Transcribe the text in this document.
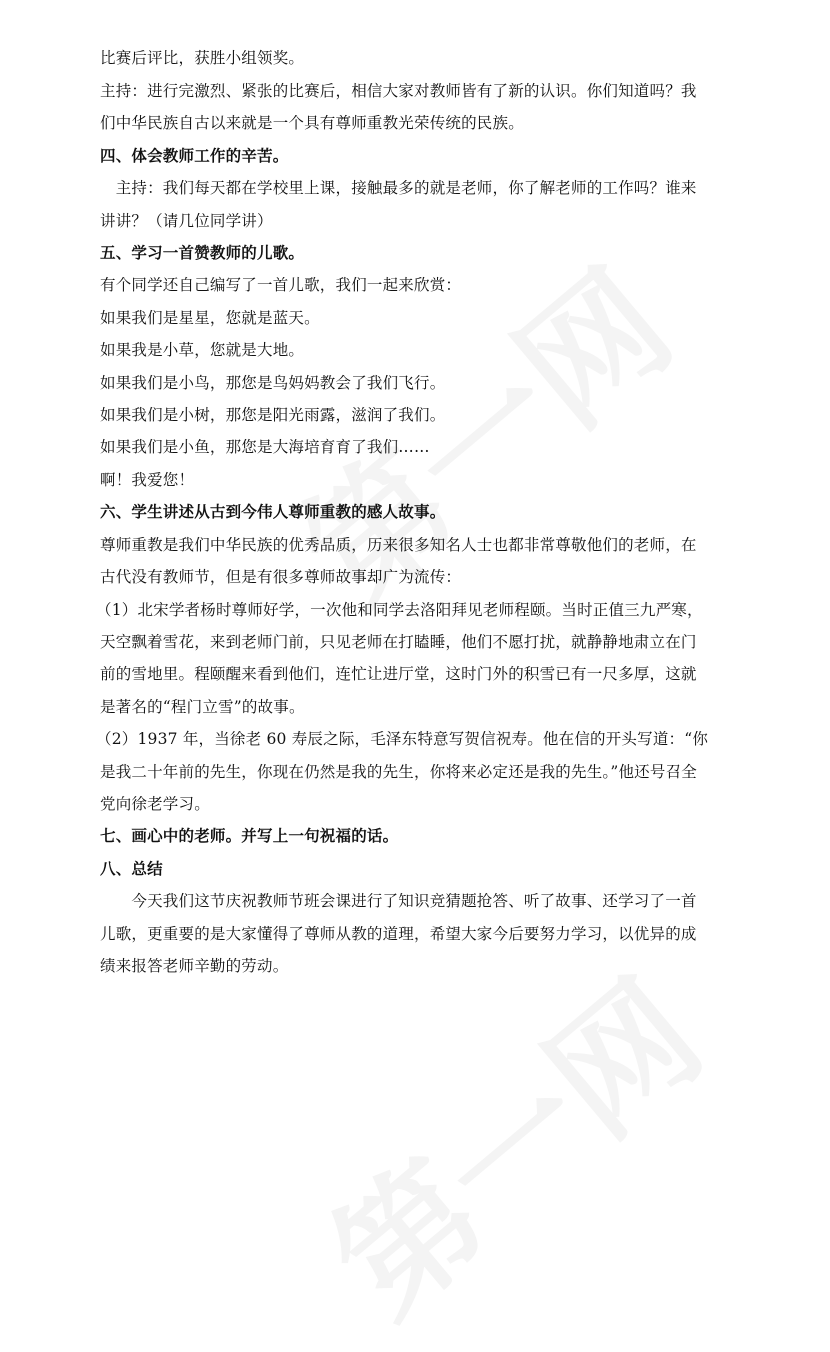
比赛后评比，获胜小组领奖。
主持：进行完激烈、紧张的比赛后，相信大家对教师皆有了新的认识。你们知道吗？我
们中华民族自古以来就是一个具有尊师重教光荣传统的民族。
四、体会教师工作的辛苦。
　主持：我们每天都在学校里上课，接触最多的就是老师，你了解老师的工作吗？谁来
讲讲？（请几位同学讲）
五、学习一首赞教师的儿歌。
有个同学还自己编写了一首儿歌，我们一起来欣赏：
如果我们是星星，您就是蓝天。
如果我是小草，您就是大地。
如果我们是小鸟，那您是鸟妈妈教会了我们飞行。
如果我们是小树，那您是阳光雨露，滋润了我们。
如果我们是小鱼，那您是大海培育育了我们……
啊！我爱您！
六、学生讲述从古到今伟人尊师重教的感人故事。
尊师重教是我们中华民族的优秀品质，历来很多知名人士也都非常尊敬他们的老师，在
古代没有教师节，但是有很多尊师故事却广为流传：
（1）北宋学者杨时尊师好学，一次他和同学去洛阳拜见老师程颐。当时正值三九严寒，
天空飘着雪花，来到老师门前，只见老师在打瞌睡，他们不愿打扰，就静静地肃立在门
前的雪地里。程颐醒来看到他们，连忙让进厅堂，这时门外的积雪已有一尺多厚，这就
是著名的“程门立雪”的故事。
（2）1937 年，当徐老 60 寿辰之际，毛泽东特意写贺信祝寿。他在信的开头写道：“你
是我二十年前的先生，你现在仍然是我的先生，你将来必定还是我的先生。”他还号召全
党向徐老学习。
七、画心中的老师。并写上一句祝福的话。
八、总结
　　今天我们这节庆祝教师节班会课进行了知识竞猜题抢答、听了故事、还学习了一首
儿歌，更重要的是大家懂得了尊师从教的道理，希望大家今后要努力学习，以优异的成
绩来报答老师辛勤的劳动。
